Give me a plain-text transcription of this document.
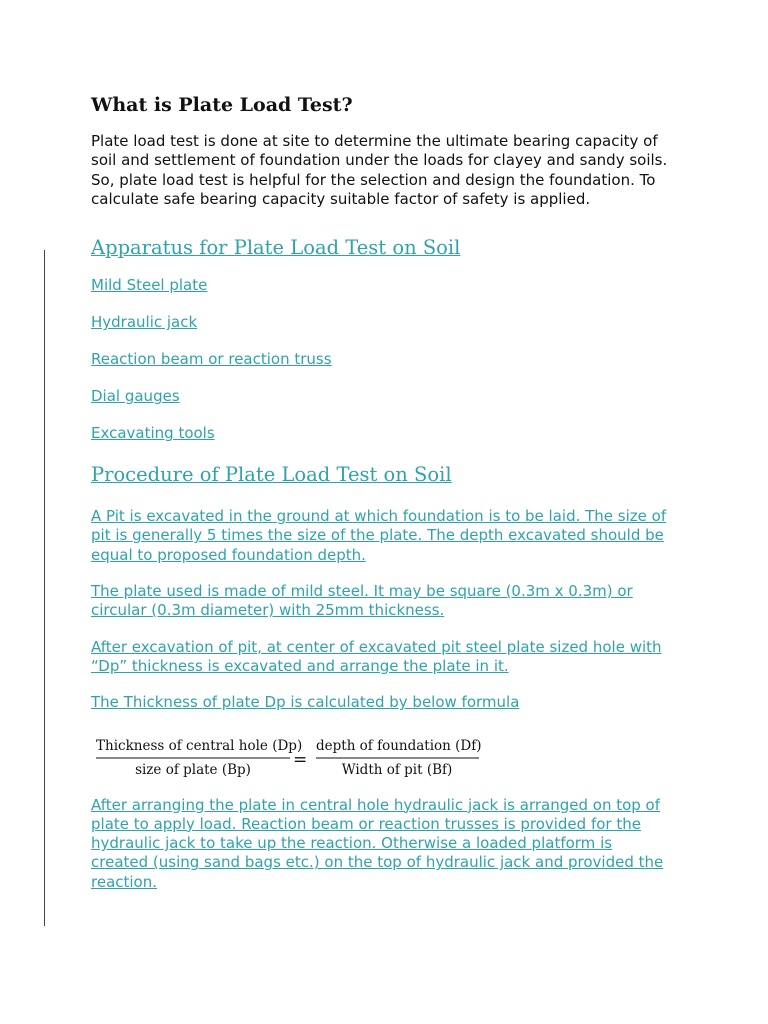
What is Plate Load Test?

Plate load test is done at site to determine the ultimate bearing capacity of soil and settlement of foundation under the loads for clayey and sandy soils. So, plate load test is helpful for the selection and design the foundation. To calculate safe bearing capacity suitable factor of safety is applied.

Apparatus for Plate Load Test on Soil
Mild Steel plate
Hydraulic jack
Reaction beam or reaction truss
Dial gauges
Excavating tools
Procedure of Plate Load Test on Soil

A Pit is excavated in the ground at which foundation is to be laid. The size of pit is generally 5 times the size of the plate. The depth excavated should be equal to proposed foundation depth.

The plate used is made of mild steel. It may be square (0.3m x 0.3m) or circular (0.3m diameter) with 25mm thickness.

After excavation of pit, at center of excavated pit steel plate sized hole with “Dp” thickness is excavated and arrange the plate in it.

The Thickness of plate Dp is calculated by below formula

Thickness of central hole (Dp)
size of plate (Bp) =
depth of foundation (Df)
Width of pit (Bf)

After arranging the plate in central hole hydraulic jack is arranged on top of plate to apply load. Reaction beam or reaction trusses is provided for the hydraulic jack to take up the reaction. Otherwise a loaded platform is created (using sand bags etc.) on the top of hydraulic jack and provided the reaction.
